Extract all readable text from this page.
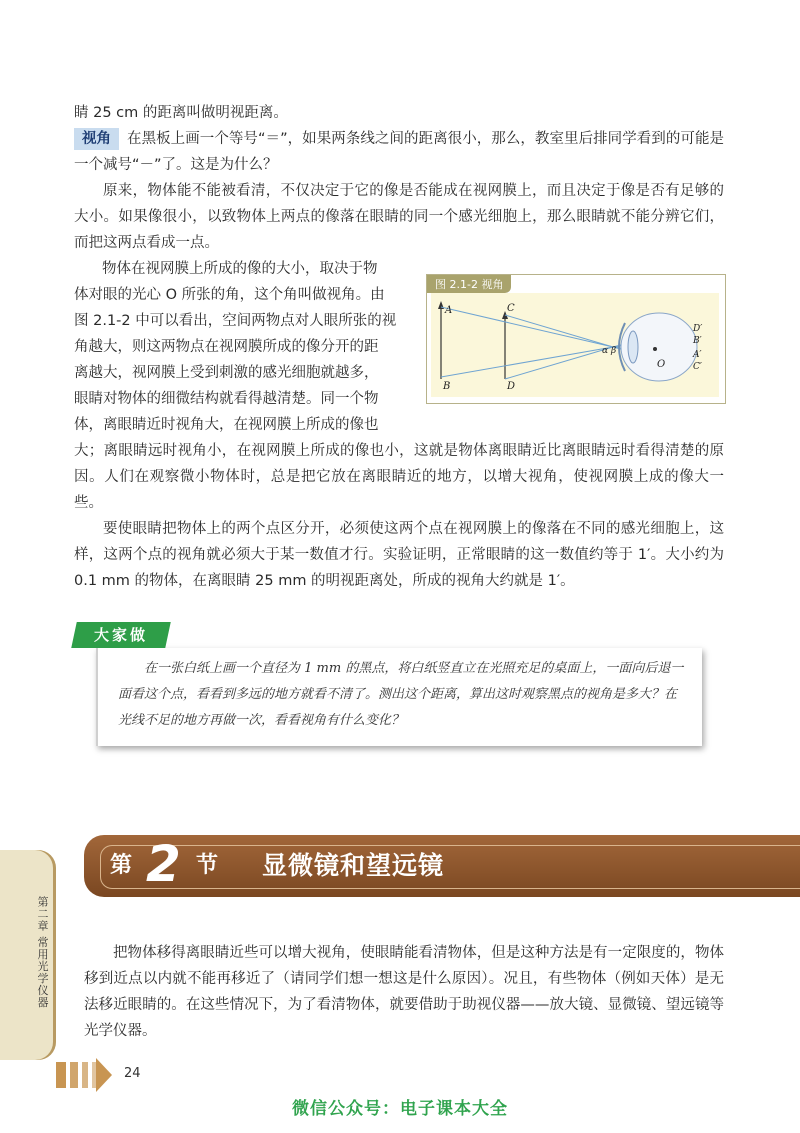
睛 25 cm 的距离叫做明视距离。

视角 在黑板上画一个等号“＝”，如果两条线之间的距离很小，那么，教室里后排同学看到的可能是一个减号“－”了。这是为什么？

原来，物体能不能被看清，不仅决定于它的像是否能成在视网膜上，而且决定于像是否有足够的大小。如果像很小，以致物体上两点的像落在眼睛的同一个感光细胞上，那么眼睛就不能分辨它们，而把这两点看成一点。

物体在视网膜上所成的像的大小，取决于物

体对眼的光心 O 所张的角，这个角叫做视角。由

图 2.1-2 中可以看出，空间两物点对人眼所张的视

角越大，则这两物点在视网膜所成的像分开的距

离越大，视网膜上受到刺激的感光细胞就越多，

眼睛对物体的细微结构就看得越清楚。同一个物

体，离眼睛近时视角大，在视网膜上所成的像也

大；离眼睛远时视角小，在视网膜上所成的像也小，这就是物体离眼睛近比离眼睛远时看得清楚的原因。人们在观察微小物体时，总是把它放在离眼睛近的地方，以增大视角，使视网膜上成的像大一些。

要使眼睛把物体上的两个点区分开，必须使这两个点在视网膜上的像落在不同的感光细胞上，这样，这两个点的视角就必须大于某一数值才行。实验证明，正常眼睛的这一数值约等于 1′。大小约为 0.1 mm 的物体，在离眼睛 25 mm 的明视距离处，所成的视角大约就是 1′。

图 2.1-2 视角
A
B
C
D
α β
O
D′
B′
A′
C′
大家做

在一张白纸上画一个直径为 1 mm 的黑点，将白纸竖直立在光照充足的桌面上，一面向后退一面看这个点，看看到多远的地方就看不清了。测出这个距离，算出这时观察黑点的视角是多大？在光线不足的地方再做一次，看看视角有什么变化？

第 2 节 显微镜和望远镜
第二章 常用光学仪器	把物体移得离眼睛近些可以增大视角，使眼睛能看清物体，但是这种方法是有一定限度的，物体移到近点以内就不能再移近了（请同学们想一想这是什么原因）。况且，有些物体（例如天体）是无法移近眼睛的。在这些情况下，为了看清物体，就要借助于助视仪器——放大镜、显微镜、望远镜等光学仪器。

24
微信公众号：电子课本大全
